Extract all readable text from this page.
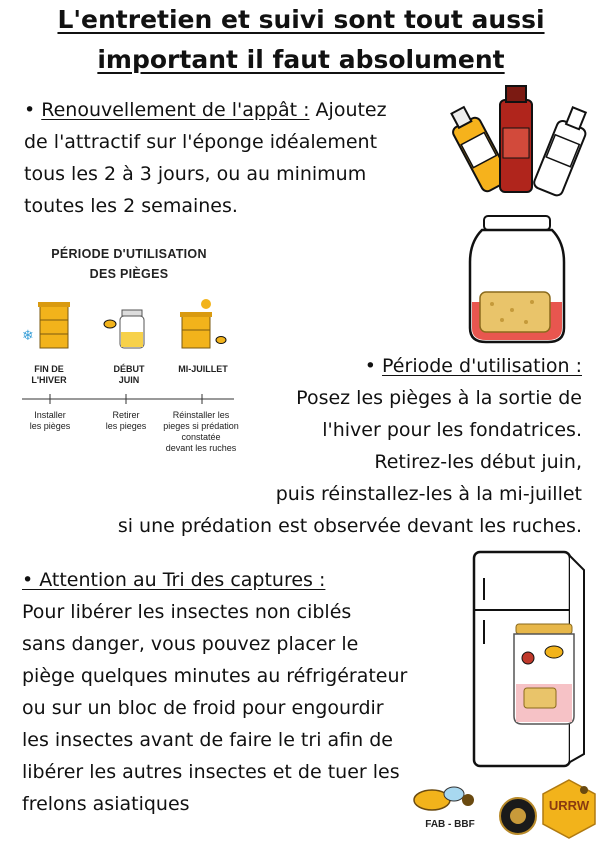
L'entretien et suivi sont tout aussi
important il faut absolument
• Renouvellement de l'appât : Ajoutez
de l'attractif sur l'éponge idéalement
tous les 2 à 3 jours, ou au minimum
toutes les 2 semaines.
PÉRIODE D'UTILISATION
DES PIÈGES
❄
FIN DE
L'HIVER
DÉBUT
JUIN
MI-JUILLET
Installer
les pièges
Retirer
les pieges
Réinstaller les
pieges si prédation
constatée
devant les ruches
• Période d'utilisation :
Posez les pièges à la sortie de
l'hiver pour les fondatrices.
Retirez-les début juin,
puis réinstallez-les à la mi-juillet
si une prédation est observée devant les ruches.
• Attention au Tri des captures :
Pour libérer les insectes non ciblés
sans danger, vous pouvez placer le
piège quelques minutes au réfrigérateur
ou sur un bloc de froid pour engourdir
les insectes avant de faire le tri afin de
libérer les autres insectes et de tuer les
frelons asiatiques
FAB - BBF
URRW
